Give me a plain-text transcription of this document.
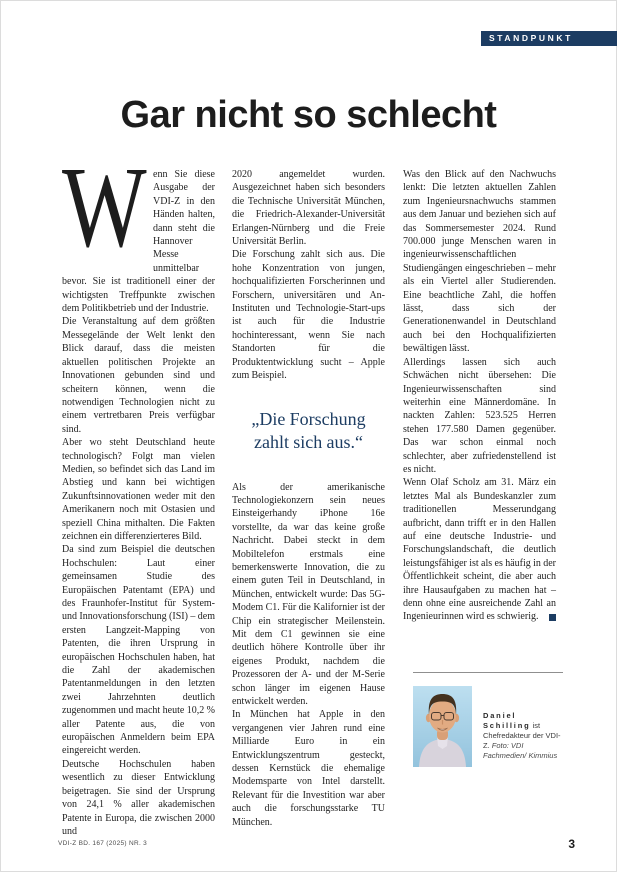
STANDPUNKT
Gar nicht so schlecht

W enn Sie diese Ausgabe der VDI-Z in den Händen halten, dann steht die Hannover Messe unmittelbar bevor. Sie ist traditionell einer der wichtigsten Treffpunkte zwischen dem Politikbetrieb und der Industrie.

Die Veranstaltung auf dem größten Messegelände der Welt lenkt den Blick darauf, dass die meisten aktuellen politischen Projekte an Innovationen gebunden sind und scheitern können, wenn die notwendigen Technologien nicht zu einem vertretbaren Preis verfügbar sind.

Aber wo steht Deutschland heute technologisch? Folgt man vielen Medien, so befindet sich das Land im Abstieg und kann bei wichtigen Zukunftsinnovationen weder mit den Amerikanern noch mit Ostasien und speziell China mithalten. Die Fakten zeichnen ein differenzierteres Bild.

Da sind zum Beispiel die deutschen Hochschulen: Laut einer gemeinsamen Studie des Europäischen Patentamt (EPA) und des Fraunhofer-Institut für System- und Innovationsforschung (ISI) – dem ersten Langzeit-Mapping von Patenten, die ihren Ursprung in europäischen Hochschulen haben, hat die Zahl der akademischen Patentanmeldungen in den letzten zwei Jahrzehnten deutlich zugenommen und macht heute 10,2 % aller Patente aus, die von europäischen Anmeldern beim EPA eingereicht werden.

Deutsche Hochschulen haben wesentlich zu dieser Entwicklung beigetragen. Sie sind der Ursprung von 24,1 % aller akademischen Patente in Europa, die zwischen 2000 und

2020 angemeldet wurden. Ausgezeichnet haben sich besonders die Technische Universität München, die Friedrich-Alexander-Universität Erlangen-Nürnberg und die Freie Universität Berlin.

Die Forschung zahlt sich aus. Die hohe Konzentration von jungen, hochqualifizierten Forscherinnen und Forschern, universitären und An-Instituten und Technologie-Start-ups ist auch für die Industrie hochinteressant, wenn Sie nach Standorten für die Produktentwicklung sucht – Apple zum Beispiel.

„Die Forschung zahlt sich aus.“

Als der amerikanische Technologiekonzern sein neues Einsteigerhandy iPhone 16e vorstellte, da war das keine große Nachricht. Dabei steckt in dem Mobiltelefon erstmals eine bemerkenswerte Innovation, die zu einem guten Teil in Deutschland, in München, entwickelt wurde: Das 5G-Modem C1. Für die Kalifornier ist der Chip ein strategischer Meilenstein. Mit dem C1 gewinnen sie eine deutlich höhere Kontrolle über ihr eigenes Produkt, nachdem die Prozessoren der A- und der M-Serie schon länger im eigenen Hause entwickelt werden.

In München hat Apple in den vergangenen vier Jahren rund eine Milliarde Euro in ein Entwicklungszentrum gesteckt, dessen Kernstück die ehemalige Modemsparte von Intel darstellt. Relevant für die Investition war aber auch die forschungsstarke TU München.

Was den Blick auf den Nachwuchs lenkt: Die letzten aktuellen Zahlen zum Ingenieursnachwuchs stammen aus dem Januar und beziehen sich auf das Sommersemester 2024. Rund 700.000 junge Menschen waren in ingenieurwissenschaftlichen Studiengängen eingeschrieben – mehr als ein Viertel aller Studierenden. Eine beachtliche Zahl, die hoffen lässt, dass sich der Generationenwandel in Deutschland auch bei den Hochqualifizierten bewältigen lässt.

Allerdings lassen sich auch Schwächen nicht übersehen: Die Ingenieurwissenschaften sind weiterhin eine Männerdomäne. In nackten Zahlen: 523.525 Herren stehen 177.580 Damen gegenüber. Das war schon einmal noch schlechter, aber zufriedenstellend ist es nicht.

Wenn Olaf Scholz am 31. März ein letztes Mal als Bundeskanzler zum traditionellen Messerundgang aufbricht, dann trifft er in den Hallen auf eine deutsche Industrie- und Forschungslandschaft, die deutlich leistungsfähiger ist als es häufig in der Öffentlichkeit scheint, die aber auch ihre Hausaufgaben zu machen hat – denn ohne eine ausreichende Zahl an Ingenieurinnen wird es schwierig.

Daniel Schilling ist Chefredakteur der VDI-Z. Foto: VDI Fachmedien/ Kimmius
VDI-Z BD. 167 (2025) NR. 3	3
